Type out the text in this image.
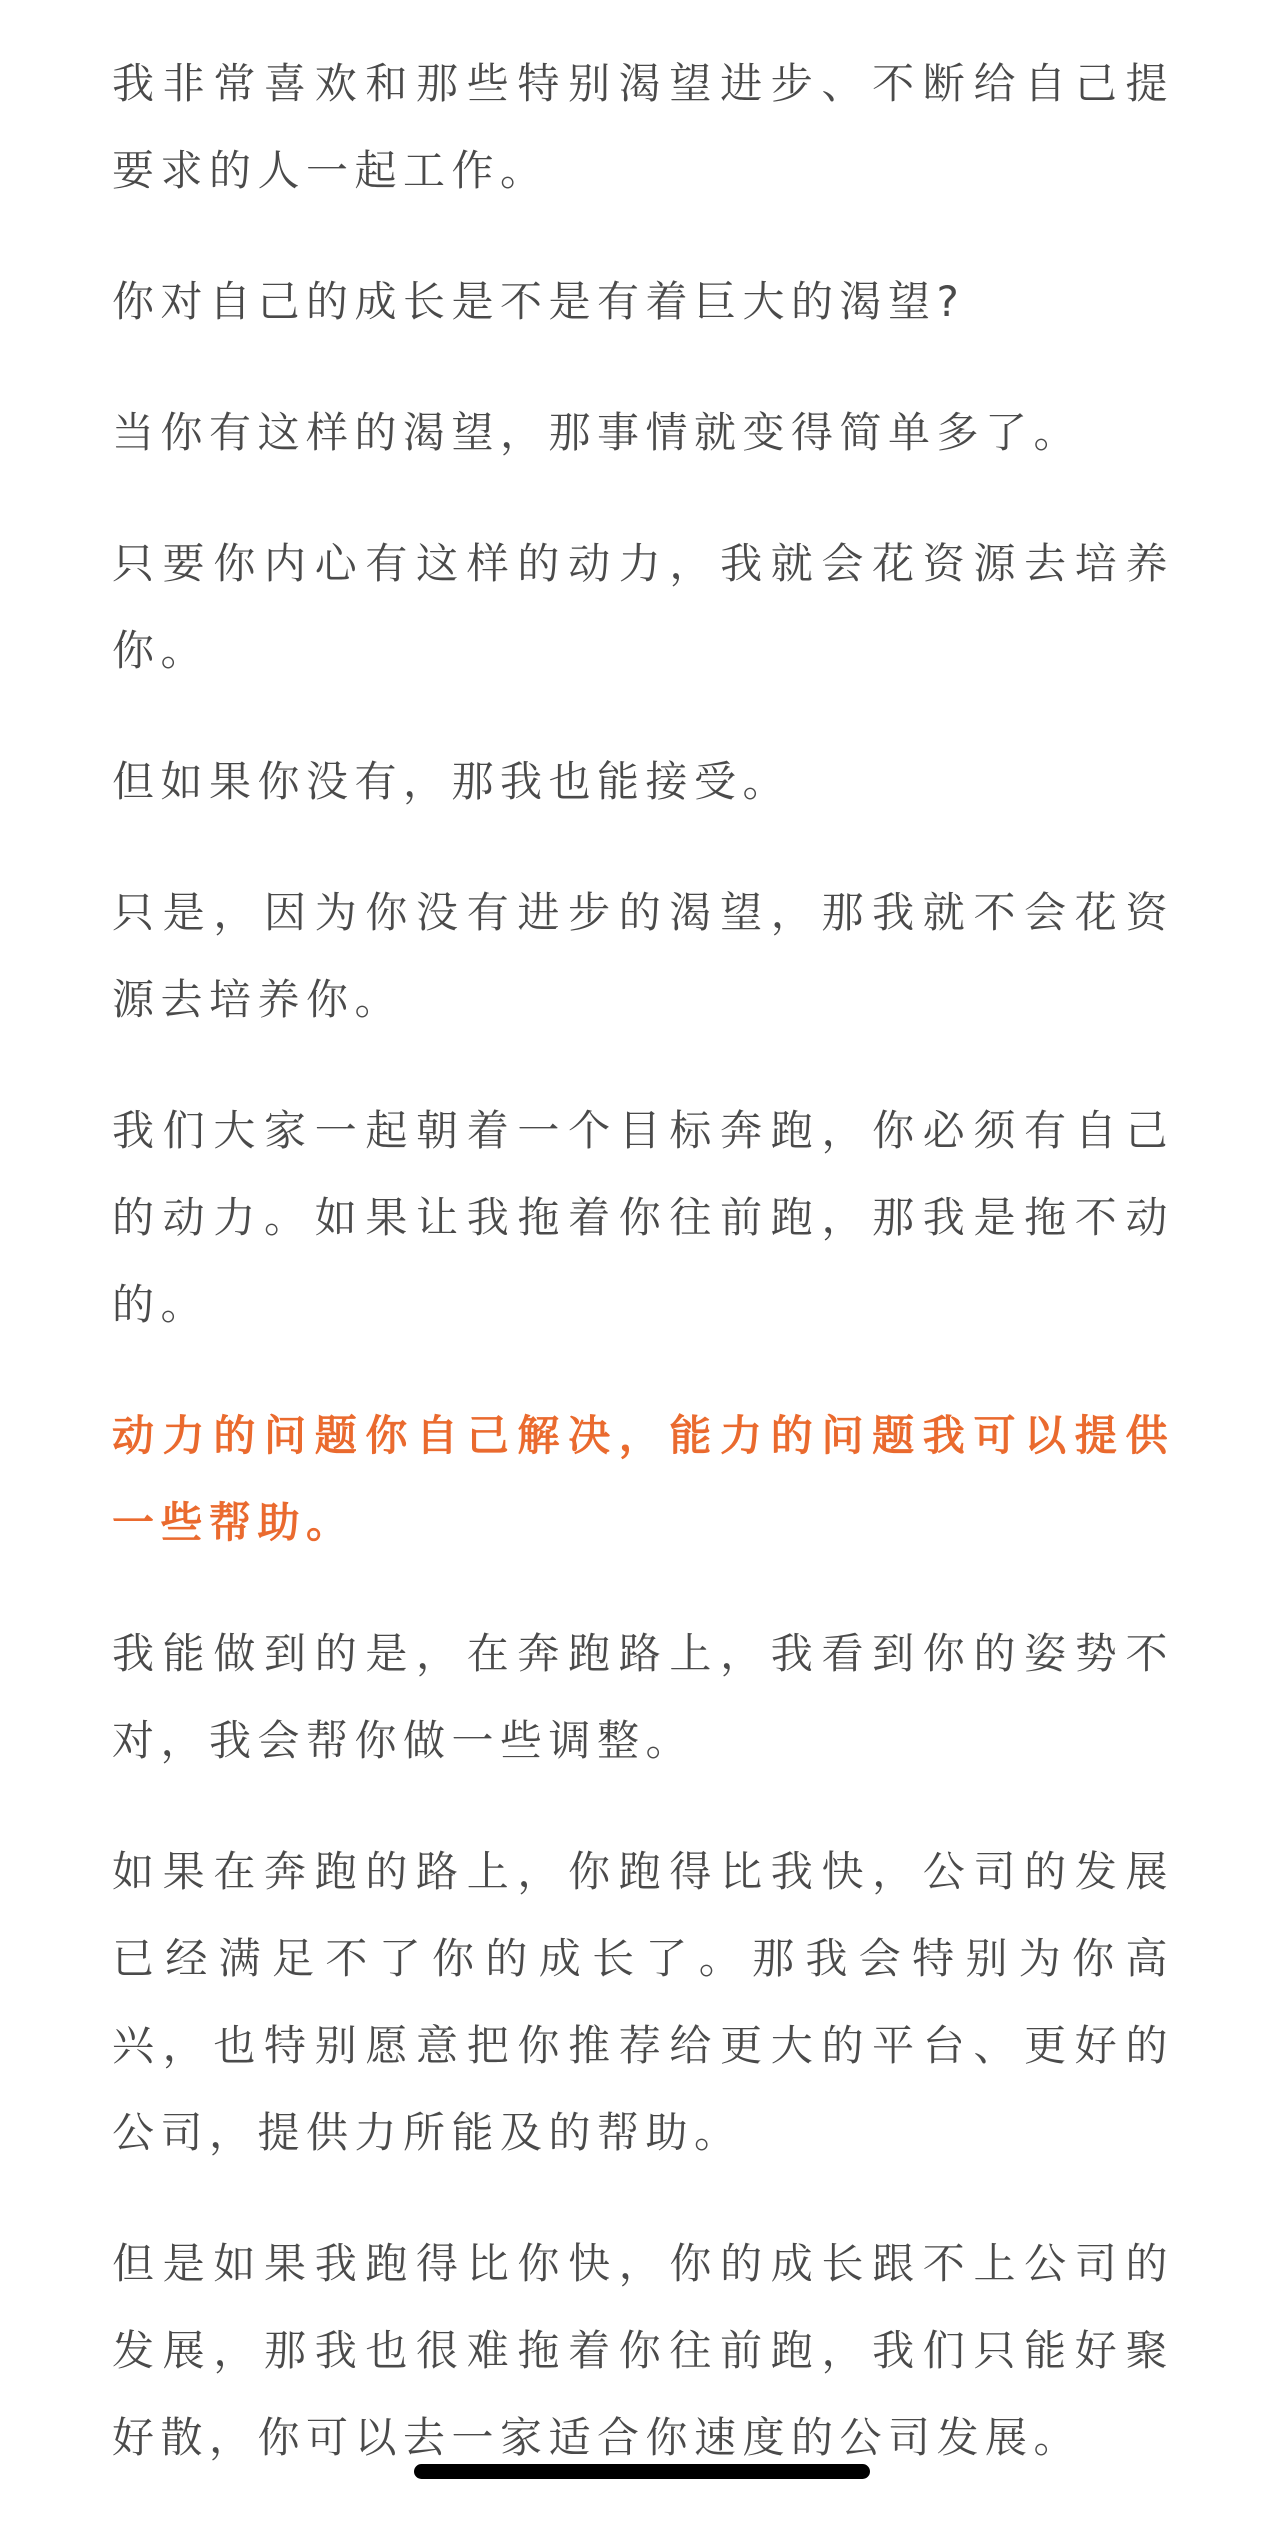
我非常喜欢和那些特别渴望进步、不断给自己提要求的人一起工作。

你对自己的成长是不是有着巨大的渴望?

当你有这样的渴望，那事情就变得简单多了。

只要你内心有这样的动力，我就会花资源去培养你。

但如果你没有，那我也能接受。

只是，因为你没有进步的渴望，那我就不会花资源去培养你。

我们大家一起朝着一个目标奔跑，你必须有自己的动力。如果让我拖着你往前跑，那我是拖不动的。

动力的问题你自己解决，能力的问题我可以提供一些帮助。

我能做到的是，在奔跑路上，我看到你的姿势不对，我会帮你做一些调整。

如果在奔跑的路上，你跑得比我快，公司的发展已经满足不了你的成长了。那我会特别为你高兴，也特别愿意把你推荐给更大的平台、更好的公司，提供力所能及的帮助。

但是如果我跑得比你快，你的成长跟不上公司的发展，那我也很难拖着你往前跑，我们只能好聚好散，你可以去一家适合你速度的公司发展。
